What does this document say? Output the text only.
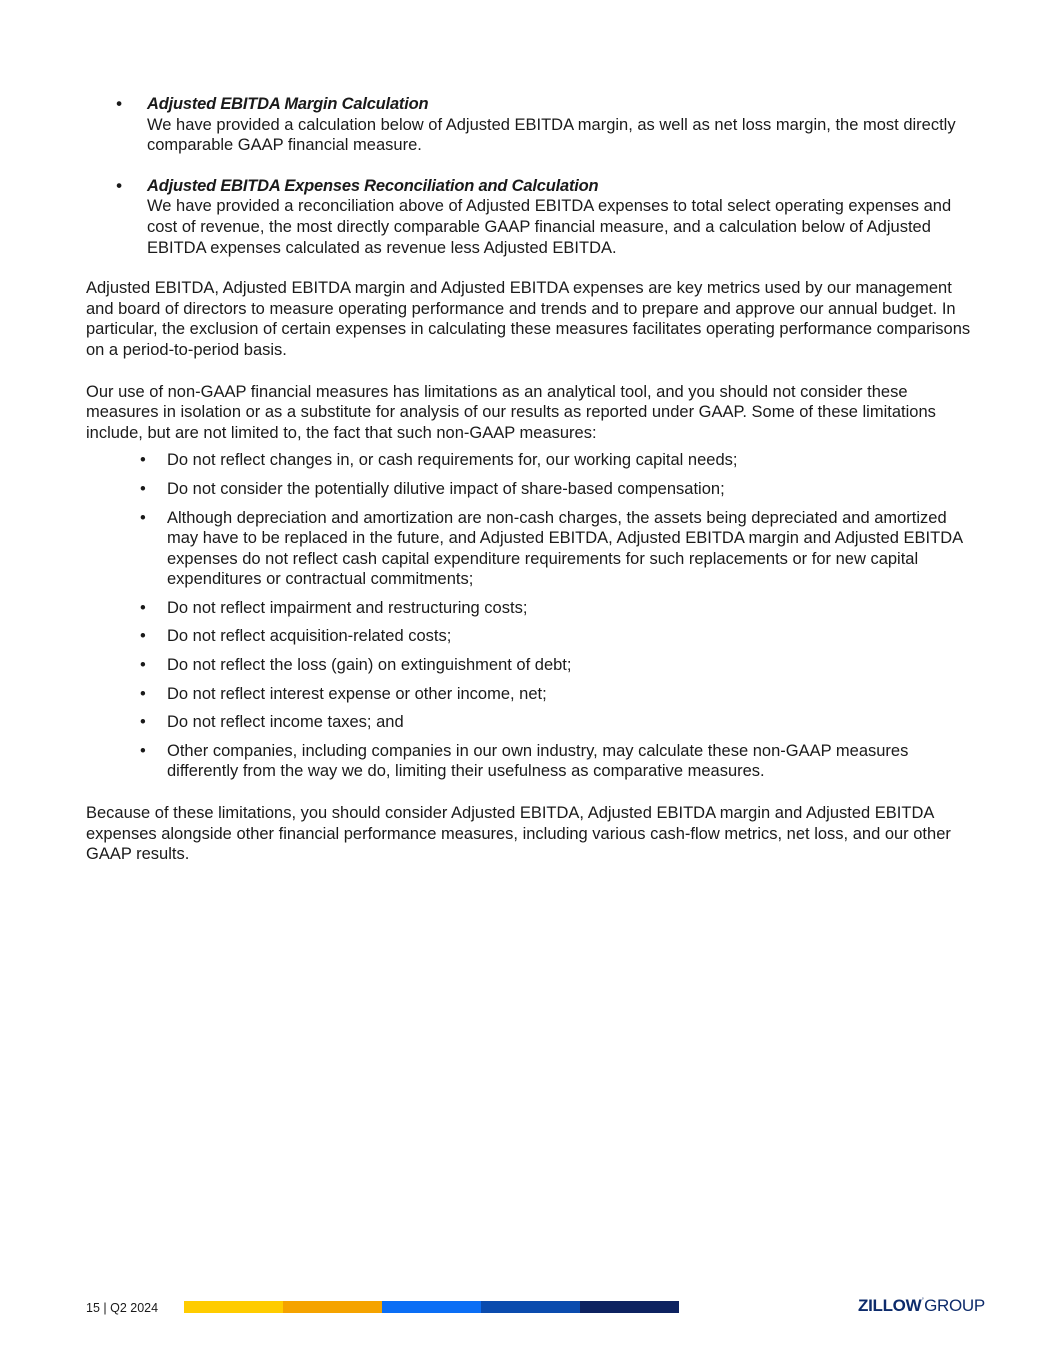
• Adjusted EBITDA Margin Calculation
We have provided a calculation below of Adjusted EBITDA margin, as well as net loss margin, the most directly comparable GAAP financial measure.
• Adjusted EBITDA Expenses Reconciliation and Calculation
We have provided a reconciliation above of Adjusted EBITDA expenses to total select operating expenses and cost of revenue, the most directly comparable GAAP financial measure, and a calculation below of Adjusted EBITDA expenses calculated as revenue less Adjusted EBITDA.

Adjusted EBITDA, Adjusted EBITDA margin and Adjusted EBITDA expenses are key metrics used by our management and board of directors to measure operating performance and trends and to prepare and approve our annual budget. In particular, the exclusion of certain expenses in calculating these measures facilitates operating performance comparisons on a period-to-period basis.

Our use of non-GAAP financial measures has limitations as an analytical tool, and you should not consider these measures in isolation or as a substitute for analysis of our results as reported under GAAP. Some of these limitations include, but are not limited to, the fact that such non-GAAP measures:

• Do not reflect changes in, or cash requirements for, our working capital needs;
• Do not consider the potentially dilutive impact of share-based compensation;
• Although depreciation and amortization are non-cash charges, the assets being depreciated and amortized may have to be replaced in the future, and Adjusted EBITDA, Adjusted EBITDA margin and Adjusted EBITDA expenses do not reflect cash capital expenditure requirements for such replacements or for new capital expenditures or contractual commitments;
• Do not reflect impairment and restructuring costs;
• Do not reflect acquisition-related costs;
• Do not reflect the loss (gain) on extinguishment of debt;
• Do not reflect interest expense or other income, net;
• Do not reflect income taxes; and
• Other companies, including companies in our own industry, may calculate these non-GAAP measures differently from the way we do, limiting their usefulness as comparative measures.

Because of these limitations, you should consider Adjusted EBITDA, Adjusted EBITDA margin and Adjusted EBITDA expenses alongside other financial performance measures, including various cash-flow metrics, net loss, and our other GAAP results.

15 | Q2 2024	ZILLOW’GROUP
